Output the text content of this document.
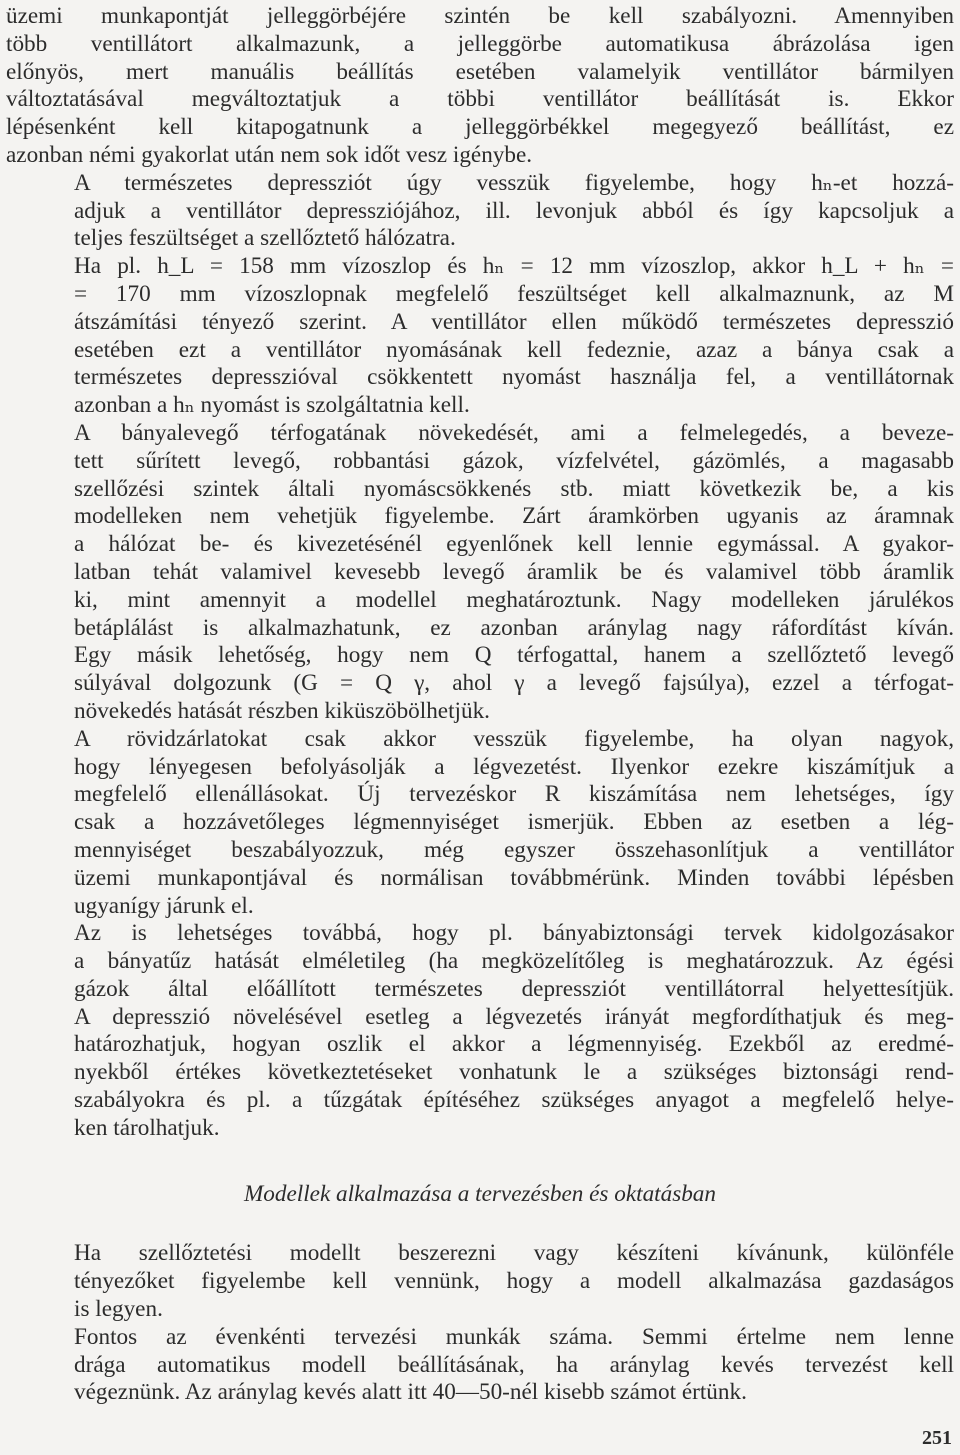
üzemi munkapontját jelleggörbéjére szintén be kell szabályozni. Amennyiben
több ventillátort alkalmazunk, a jelleggörbe automatikusa ábrázolása igen
előnyös, mert manuális beállítás esetében valamelyik ventillátor bármilyen
változtatásával megváltoztatjuk a többi ventillátor beállítását is. Ekkor
lépésenként kell kitapogatnunk a jelleggörbékkel megegyező beállítást, ez
azonban némi gyakorlat után nem sok időt vesz igénybe.

A természetes depressziót úgy vesszük figyelembe, hogy hₙ-et hozzá-
adjuk a ventillátor depressziójához, ill. levonjuk abból és így kapcsoljuk a
teljes feszültséget a szellőztető hálózatra.

Ha pl. h_L = 158 mm vízoszlop és hₙ = 12 mm vízoszlop, akkor h_L + hₙ =
= 170 mm vízoszlopnak megfelelő feszültséget kell alkalmaznunk, az M
átszámítási tényező szerint. A ventillátor ellen működő természetes depresszió
esetében ezt a ventillátor nyomásának kell fedeznie, azaz a bánya csak a
természetes depresszióval csökkentett nyomást használja fel, a ventillátornak
azonban a hₙ nyomást is szolgáltatnia kell.

A bányalevegő térfogatának növekedését, ami a felmelegedés, a beveze-
tett sűrített levegő, robbantási gázok, vízfelvétel, gázömlés, a magasabb
szellőzési szintek általi nyomáscsökkenés stb. miatt következik be, a kis
modelleken nem vehetjük figyelembe. Zárt áramkörben ugyanis az áramnak
a hálózat be- és kivezetésénél egyenlőnek kell lennie egymással. A gyakor-
latban tehát valamivel kevesebb levegő áramlik be és valamivel több áramlik
ki, mint amennyit a modellel meghatároztunk. Nagy modelleken járulékos
betáplálást is alkalmazhatunk, ez azonban aránylag nagy ráfordítást kíván.
Egy másik lehetőség, hogy nem Q térfogattal, hanem a szellőztető levegő
súlyával dolgozunk (G = Q γ, ahol γ a levegő fajsúlya), ezzel a térfogat-
növekedés hatását részben kiküszöbölhetjük.

A rövidzárlatokat csak akkor vesszük figyelembe, ha olyan nagyok,
hogy lényegesen befolyásolják a légvezetést. Ilyenkor ezekre kiszámítjuk a
megfelelő ellenállásokat. Új tervezéskor R kiszámítása nem lehetséges, így
csak a hozzávetőleges légmennyiséget ismerjük. Ebben az esetben a lég-
mennyiséget beszabályozzuk, még egyszer összehasonlítjuk a ventillátor
üzemi munkapontjával és normálisan továbbmérünk. Minden további lépésben
ugyanígy járunk el.

Az is lehetséges továbbá, hogy pl. bányabiztonsági tervek kidolgozásakor
a bányatűz hatását elméletileg (ha megközelítőleg is meghatározzuk. Az égési
gázok által előállított természetes depressziót ventillátorral helyettesítjük.
A depresszió növelésével esetleg a légvezetés irányát megfordíthatjuk és meg-
határozhatjuk, hogyan oszlik el akkor a légmennyiség. Ezekből az eredmé-
nyekből értékes következtetéseket vonhatunk le a szükséges biztonsági rend-
szabályokra és pl. a tűzgátak építéséhez szükséges anyagot a megfelelő helye-
ken tárolhatjuk.

Modellek alkalmazása a tervezésben és oktatásban

Ha szellőztetési modellt beszerezni vagy készíteni kívánunk, különféle
tényezőket figyelembe kell vennünk, hogy a modell alkalmazása gazdaságos
is legyen.

Fontos az évenkénti tervezési munkák száma. Semmi értelme nem lenne
drága automatikus modell beállításának, ha aránylag kevés tervezést kell
végeznünk. Az aránylag kevés alatt itt 40—50-nél kisebb számot értünk.

251
